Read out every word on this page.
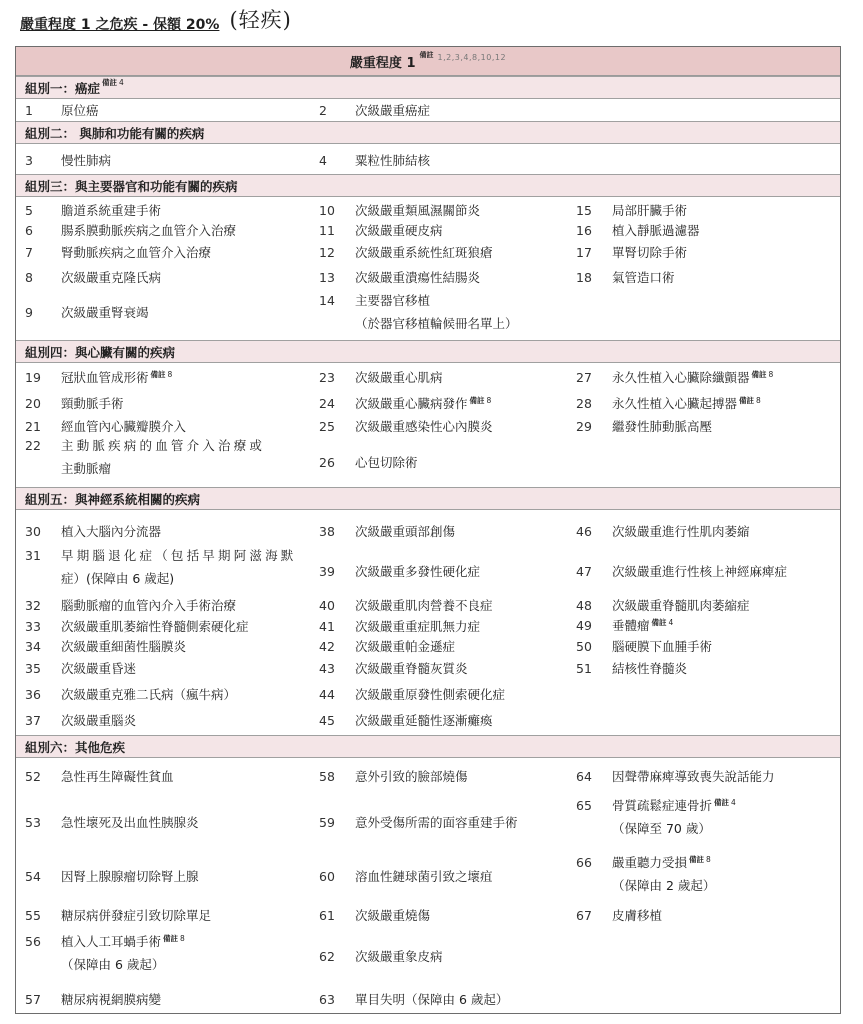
嚴重程度 1 之危疾 - 保額 20% (轻疾)
嚴重程度 1
備註 1,2,3,4,8,10,12
組別一：癌症 備註 4
組別二： 與肺和功能有關的疾病
組別三：與主要器官和功能有關的疾病
組別四：與心臟有關的疾病
組別五：與神經系統相關的疾病
組別六：其他危疾
1 原位癌	2 次級嚴重癌症
3 慢性肺病	4 粟粒性肺結核
5 膽道系統重建手術
6 腸系膜動脈疾病之血管介入治療
7 腎動脈疾病之血管介入治療
8 次級嚴重克隆氏病
9 次級嚴重腎衰竭
10 次級嚴重類風濕關節炎
11 次級嚴重硬皮病
12 次級嚴重系統性紅斑狼瘡
13 次級嚴重潰瘍性結腸炎
14 主要器官移植
（於器官移植輪候冊名單上）
15 局部肝臟手術
16 植入靜脈過濾器
17 單腎切除手術
18 氣管造口術
19 冠狀血管成形術 $^{備註 8}$
20 頸動脈手術
21 經血管內心臟瓣膜介入
22 主動脈疾病的血管介入治療或
主動脈瘤
23 次級嚴重心肌病
24 次級嚴重心臟病發作 $^{備註 8}$
25 次級嚴重感染性心內膜炎
26 心包切除術
27 永久性植入心臟除纖顫器 $^{備註 8}$
28 永久性植入心臟起搏器 $^{備註 8}$
29 繼發性肺動脈高壓
30 植入大腦內分流器
31 早期腦退化症（包括早期阿滋海默
症）(保障由 6 歲起)
32 腦動脈瘤的血管內介入手術治療
33 次級嚴重肌萎縮性脊髓側索硬化症
34 次級嚴重細菌性腦膜炎
35 次級嚴重昏迷
36 次級嚴重克雅二氏病（瘋牛病）
37 次級嚴重腦炎
38 次級嚴重頭部創傷
39 次級嚴重多發性硬化症
40 次級嚴重肌肉營養不良症
41 次級嚴重重症肌無力症
42 次級嚴重帕金遜症
43 次級嚴重脊髓灰質炎
44 次級嚴重原發性側索硬化症
45 次級嚴重延髓性逐漸癱瘓
46 次級嚴重進行性肌肉萎縮
47 次級嚴重進行性核上神經麻痺症
48 次級嚴重脊髓肌肉萎縮症
49 垂體瘤 $^{備註 4}$
50 腦硬膜下血腫手術
51 結核性脊髓炎
52 急性再生障礙性貧血
53 急性壞死及出血性胰腺炎
54 因腎上腺腺瘤切除腎上腺
55 糖尿病併發症引致切除單足
56 植入人工耳蝸手術 $^{備註 8}$
（保障由 6 歲起）
57 糖尿病視網膜病變
58 意外引致的臉部燒傷
59 意外受傷所需的面容重建手術
60 溶血性鏈球菌引致之壞疽
61 次級嚴重燒傷
62 次級嚴重象皮病
63 單目失明（保障由 6 歲起）
64 因聲帶麻痺導致喪失說話能力
65 骨質疏鬆症連骨折 $^{備註 4}$
（保障至 70 歲）
66 嚴重聽力受損 $^{備註 8}$
（保障由 2 歲起）
67 皮膚移植
